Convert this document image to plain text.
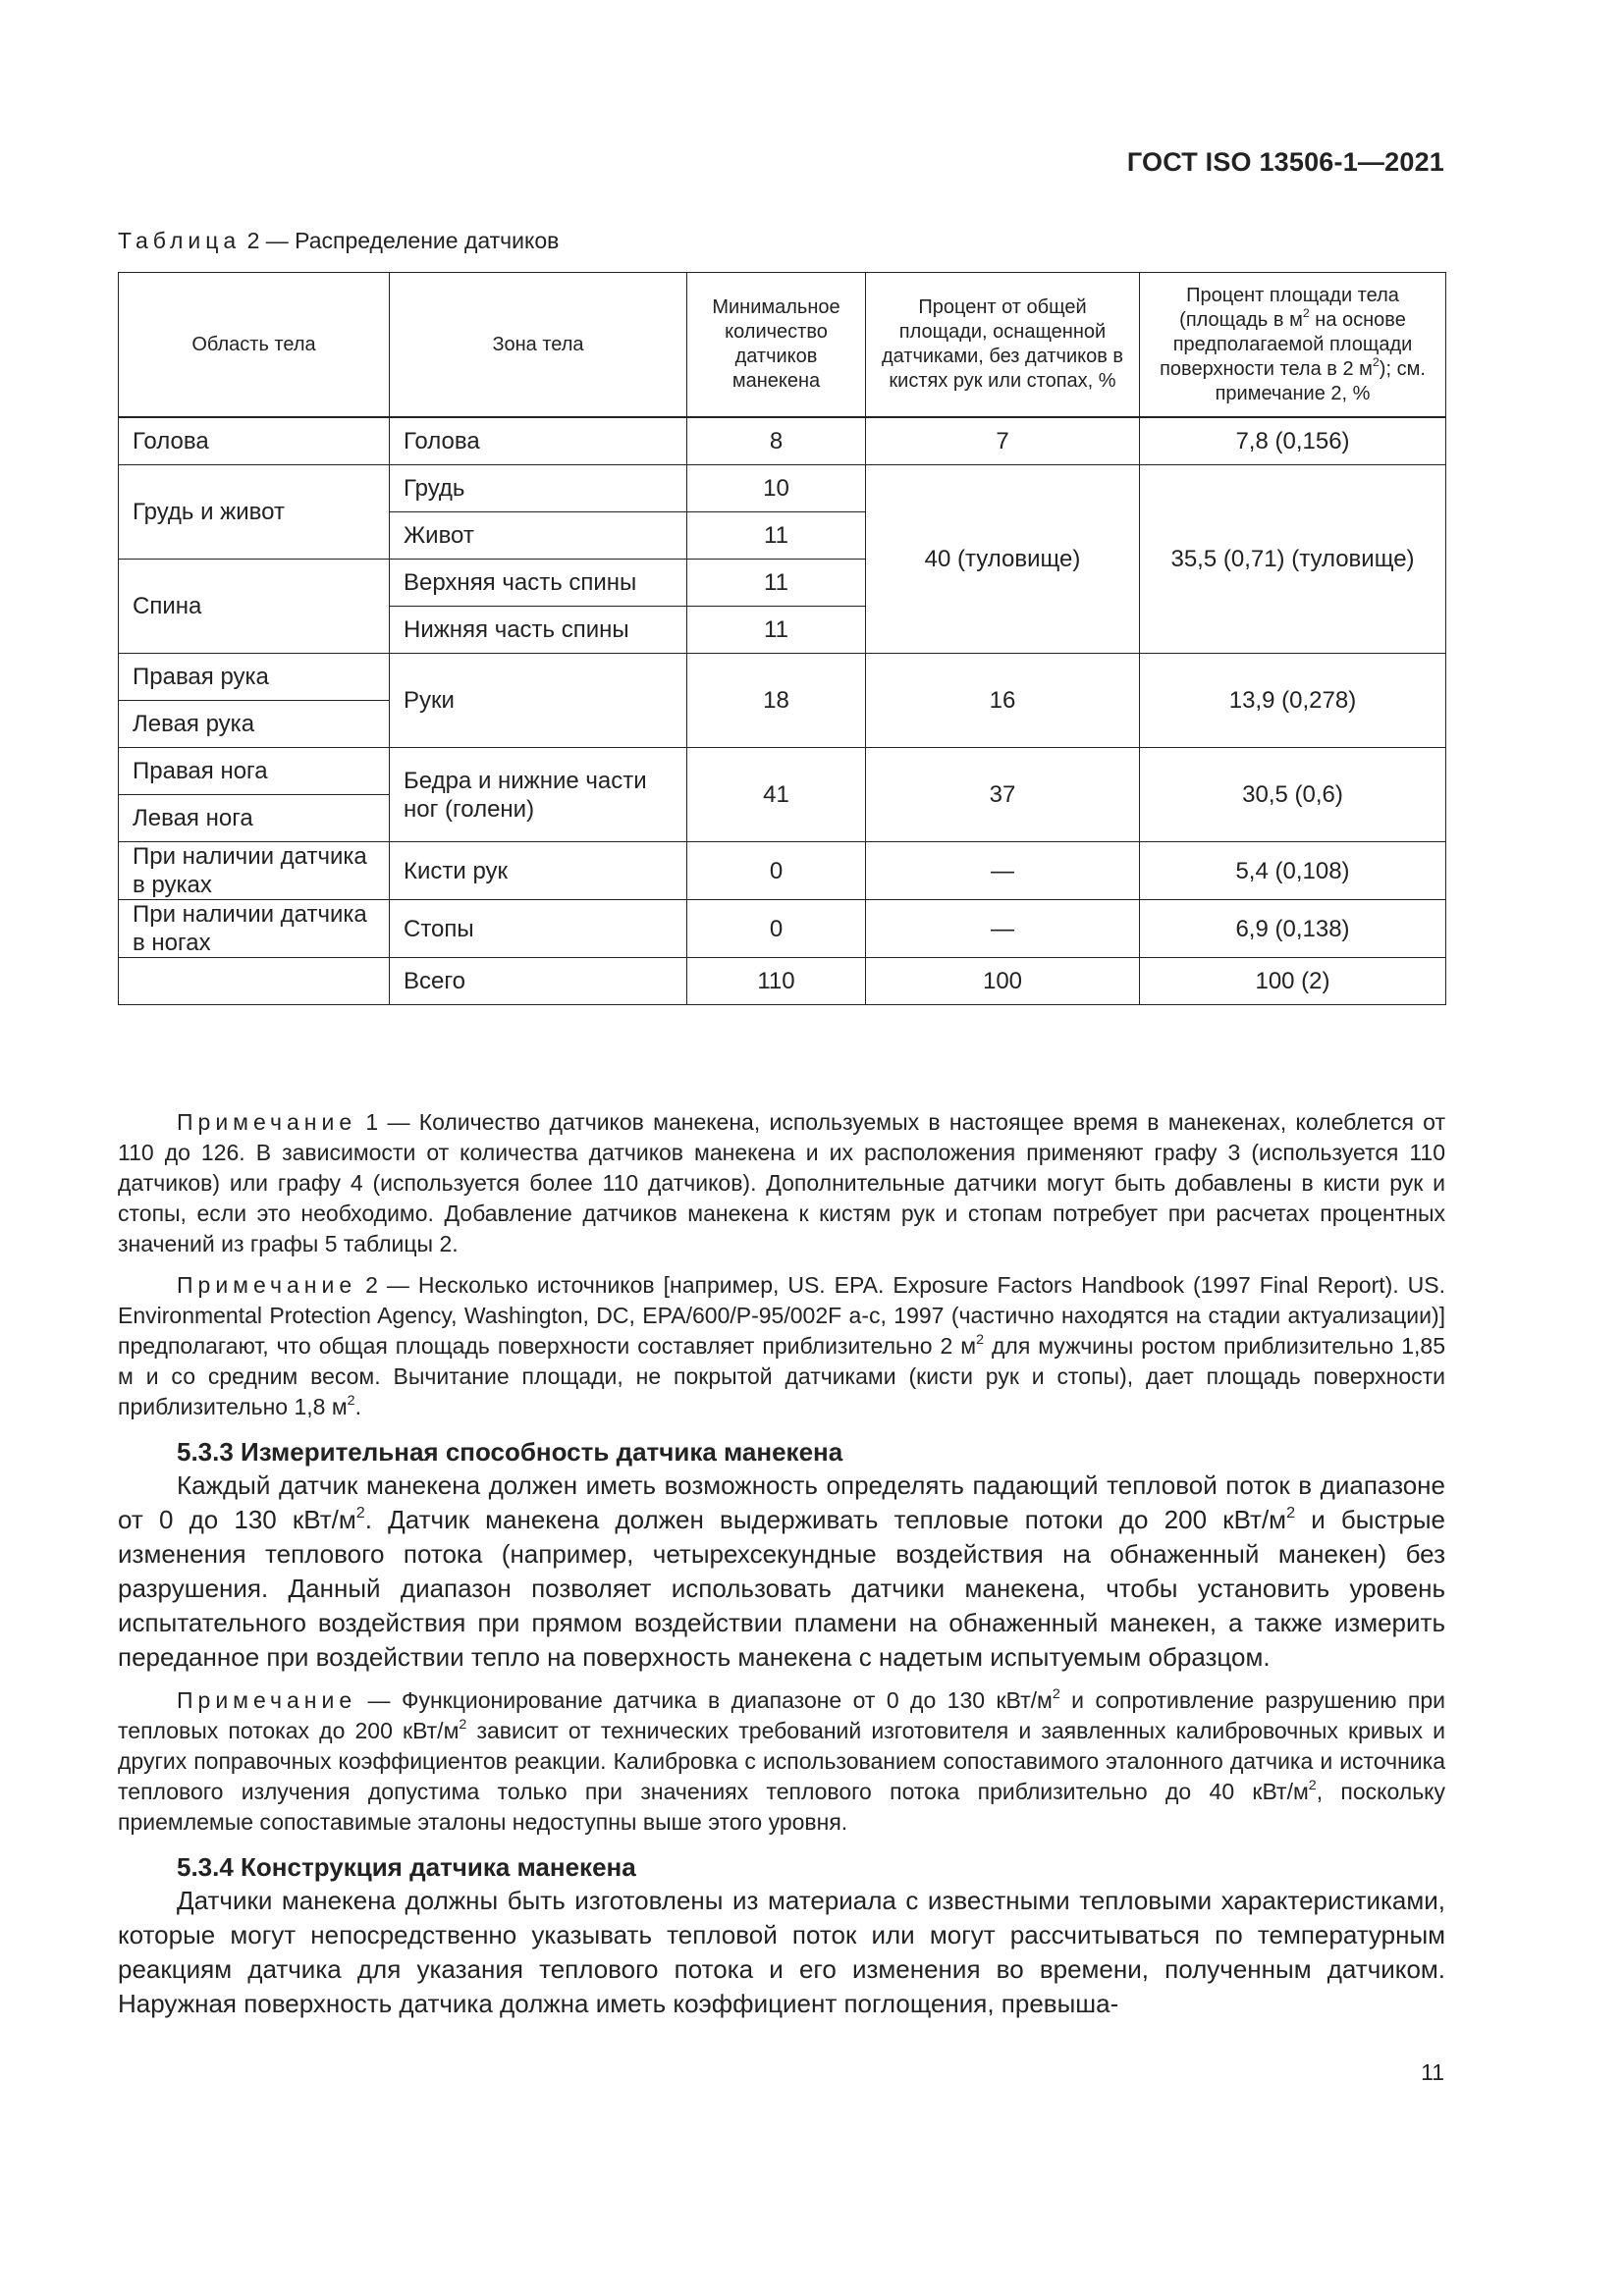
ГОСТ ISO 13506-1—2021
Таблица 2 — Распределение датчиков
Область тела	Зона тела	Минимальное количество датчиков манекена	Процент от общей площади, оснащенной датчиками, без датчиков в кистях рук или стопах, %	Процент площади тела (площадь в $м^2$ на основе предполагаемой площади поверхности тела в 2 $м^2$); см. примечание 2, %

Голова	Голова	8	7	7,8 (0,156)
Грудь и живот	Грудь	10	40 (туловище)	35,5 (0,71) (туловище)
	Живот	11		
Спина	Верхняя часть спины	11		
	Нижняя часть спины	11		
Правая рука	Руки	18	16	13,9 (0,278)
Левая рука				
Правая нога	Бедра и нижние части ног (голени)	41	37	30,5 (0,6)
Левая нога				
При наличии датчика в руках	Кисти рук	0	—	5,4 (0,108)
При наличии датчика в ногах	Стопы	0	—	6,9 (0,138)
	Всего	110	100	100 (2)

Примечание 1 — Количество датчиков манекена, используемых в настоящее время в манекенах, колеблется от 110 до 126. В зависимости от количества датчиков манекена и их расположения применяют графу 3 (используется 110 датчиков) или графу 4 (используется более 110 датчиков). Дополнительные датчики могут быть добавлены в кисти рук и стопы, если это необходимо. Добавление датчиков манекена к кистям рук и стопам потребует при расчетах процентных значений из графы 5 таблицы 2.

Примечание 2 — Несколько источников [например, US. EPA. Exposure Factors Handbook (1997 Final Report). US. Environmental Protection Agency, Washington, DC, EPA/600/P-95/002F a-c, 1997 (частично находятся на стадии актуализации)] предполагают, что общая площадь поверхности составляет приблизительно 2 $м^2$ для мужчины ростом приблизительно 1,85 м и со средним весом. Вычитание площади, не покрытой датчиками (кисти рук и стопы), дает площадь поверхности приблизительно 1,8 $м^2$.

5.3.3 Измерительная способность датчика манекена

Каждый датчик манекена должен иметь возможность определять падающий тепловой поток в диапазоне от 0 до 130 кВт/$м^2$. Датчик манекена должен выдерживать тепловые потоки до 200 кВт/$м^2$ и быстрые изменения теплового потока (например, четырехсекундные воздействия на обнаженный манекен) без разрушения. Данный диапазон позволяет использовать датчики манекена, чтобы установить уровень испытательного воздействия при прямом воздействии пламени на обнаженный манекен, а также измерить переданное при воздействии тепло на поверхность манекена с надетым испытуемым образцом.

Примечание — Функционирование датчика в диапазоне от 0 до 130 кВт/$м^2$ и сопротивление разрушению при тепловых потоках до 200 кВт/$м^2$ зависит от технических требований изготовителя и заявленных калибровочных кривых и других поправочных коэффициентов реакции. Калибровка с использованием сопоставимого эталонного датчика и источника теплового излучения допустима только при значениях теплового потока приблизительно до 40 кВт/$м^2$, поскольку приемлемые сопоставимые эталоны недоступны выше этого уровня.

5.3.4 Конструкция датчика манекена

Датчики манекена должны быть изготовлены из материала с известными тепловыми характеристиками, которые могут непосредственно указывать тепловой поток или могут рассчитываться по температурным реакциям датчика для указания теплового потока и его изменения во времени, полученным датчиком. Наружная поверхность датчика должна иметь коэффициент поглощения, превыша-

11
